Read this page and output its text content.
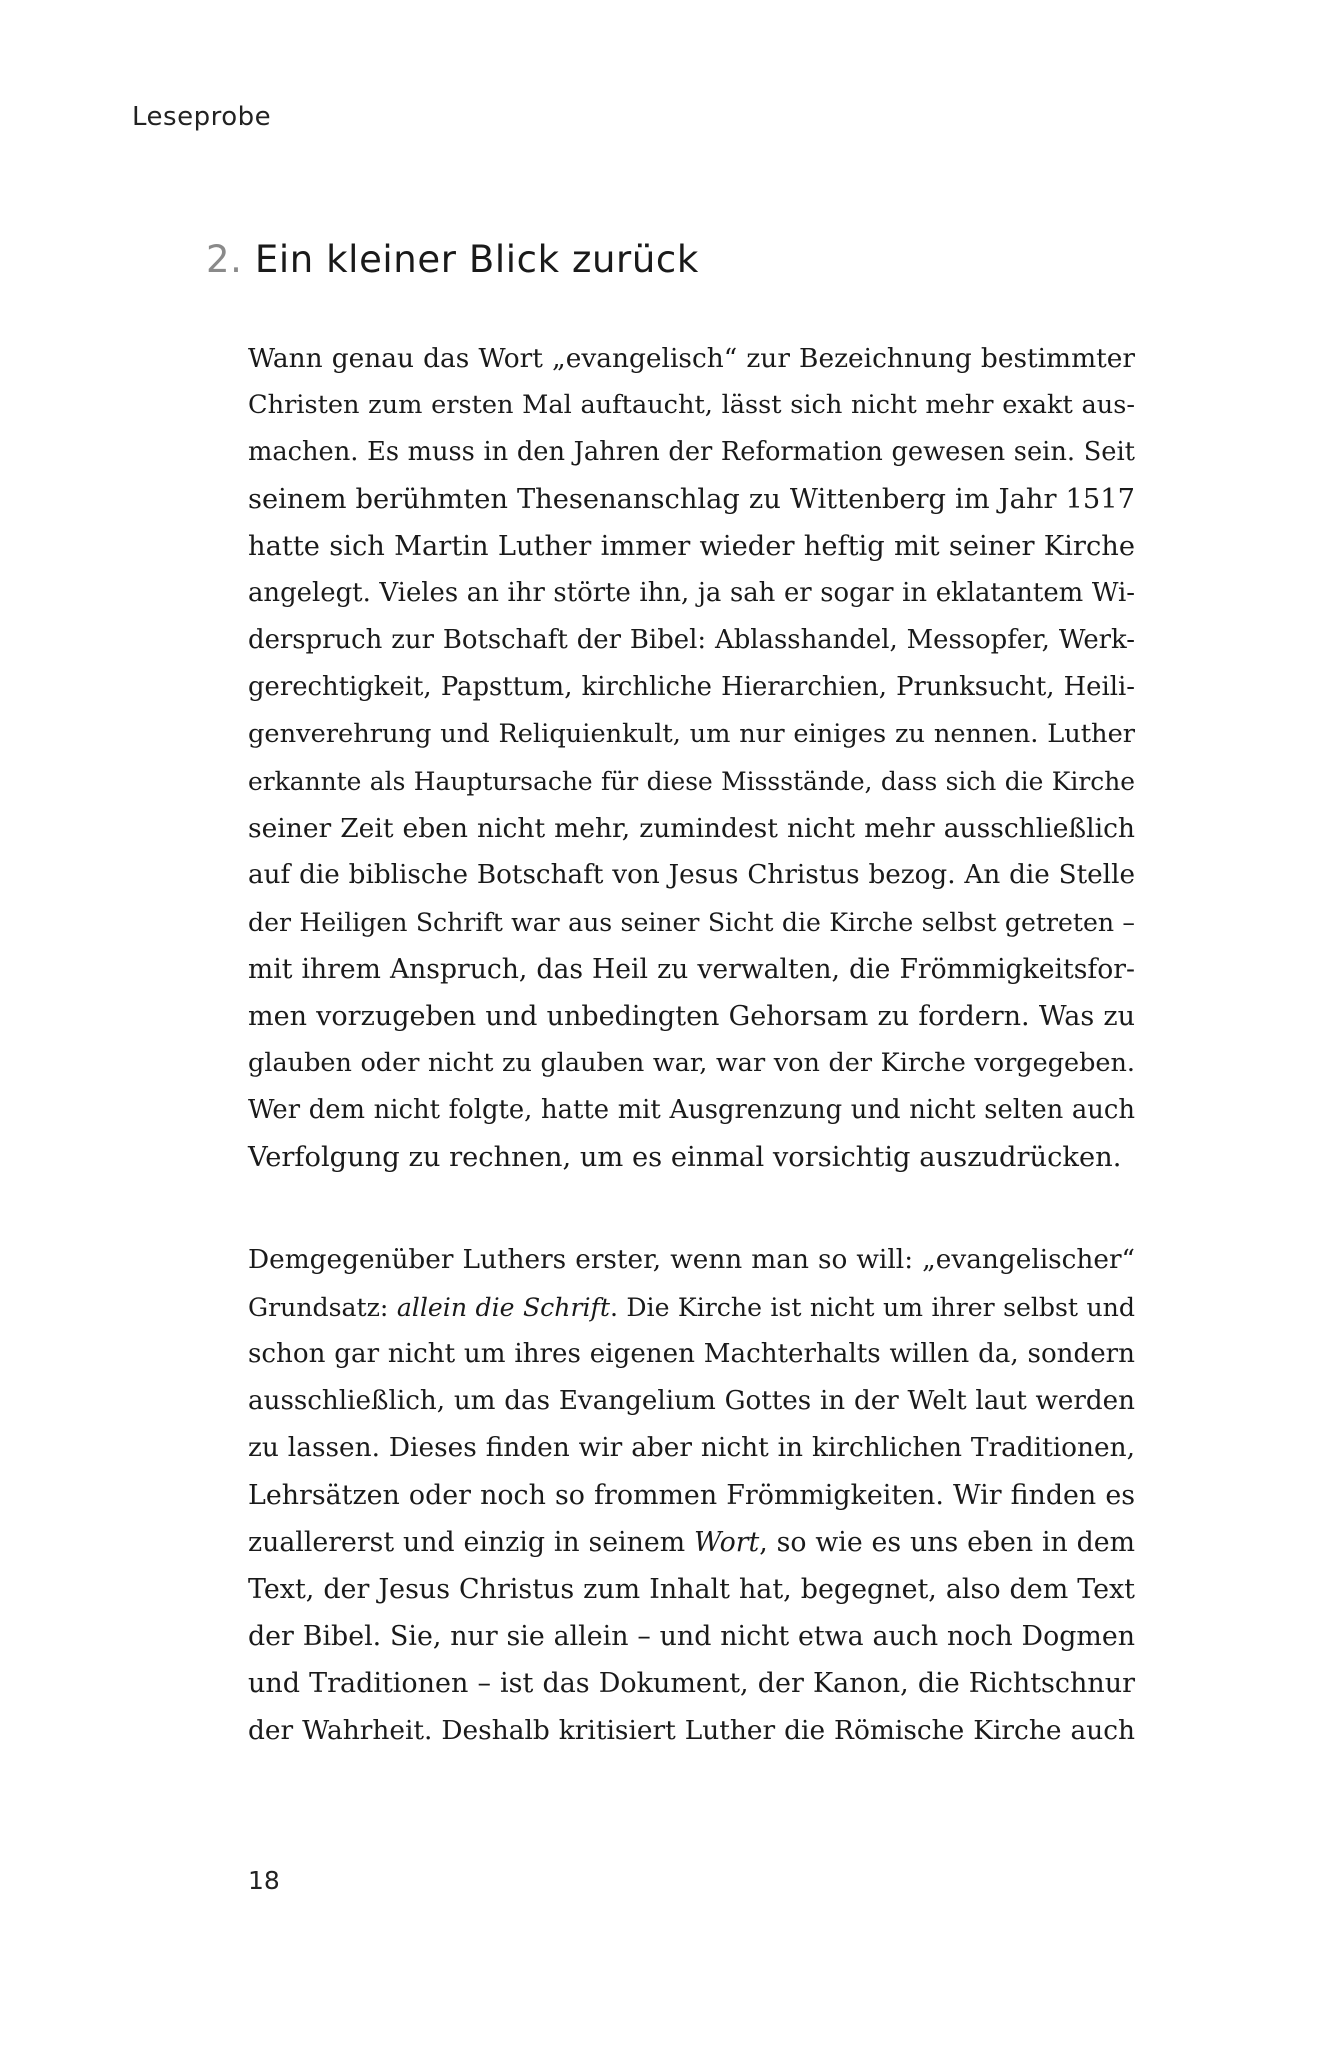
Leseprobe

2. Ein kleiner Blick zurück

Wann genau das Wort „evangelisch“ zur Bezeichnung bestimmter
Christen zum ersten Mal auftaucht, lässt sich nicht mehr exakt aus-
machen. Es muss in den Jahren der Reformation gewesen sein. Seit
seinem berühmten Thesenanschlag zu Wittenberg im Jahr 1517
hatte sich Martin Luther immer wieder heftig mit seiner Kirche
angelegt. Vieles an ihr störte ihn, ja sah er sogar in eklatantem Wi-
derspruch zur Botschaft der Bibel: Ablasshandel, Messopfer, Werk-
gerechtigkeit, Papsttum, kirchliche Hierarchien, Prunksucht, Heili-
genverehrung und Reliquienkult, um nur einiges zu nennen. Luther
erkannte als Hauptursache für diese Missstände, dass sich die Kirche
seiner Zeit eben nicht mehr, zumindest nicht mehr ausschließlich
auf die biblische Botschaft von Jesus Christus bezog. An die Stelle
der Heiligen Schrift war aus seiner Sicht die Kirche selbst getreten –
mit ihrem Anspruch, das Heil zu verwalten, die Frömmigkeitsfor-
men vorzugeben und unbedingten Gehorsam zu fordern. Was zu
glauben oder nicht zu glauben war, war von der Kirche vorgegeben.
Wer dem nicht folgte, hatte mit Ausgrenzung und nicht selten auch
Verfolgung zu rechnen, um es einmal vorsichtig auszudrücken.

Demgegenüber Luthers erster, wenn man so will: „evangelischer“
Grundsatz: allein die Schrift. Die Kirche ist nicht um ihrer selbst und
schon gar nicht um ihres eigenen Machterhalts willen da, sondern
ausschließlich, um das Evangelium Gottes in der Welt laut werden
zu lassen. Dieses finden wir aber nicht in kirchlichen Traditionen,
Lehrsätzen oder noch so frommen Frömmigkeiten. Wir finden es
zuallererst und einzig in seinem Wort, so wie es uns eben in dem
Text, der Jesus Christus zum Inhalt hat, begegnet, also dem Text
der Bibel. Sie, nur sie allein – und nicht etwa auch noch Dogmen
und Traditionen – ist das Dokument, der Kanon, die Richtschnur
der Wahrheit. Deshalb kritisiert Luther die Römische Kirche auch

18
